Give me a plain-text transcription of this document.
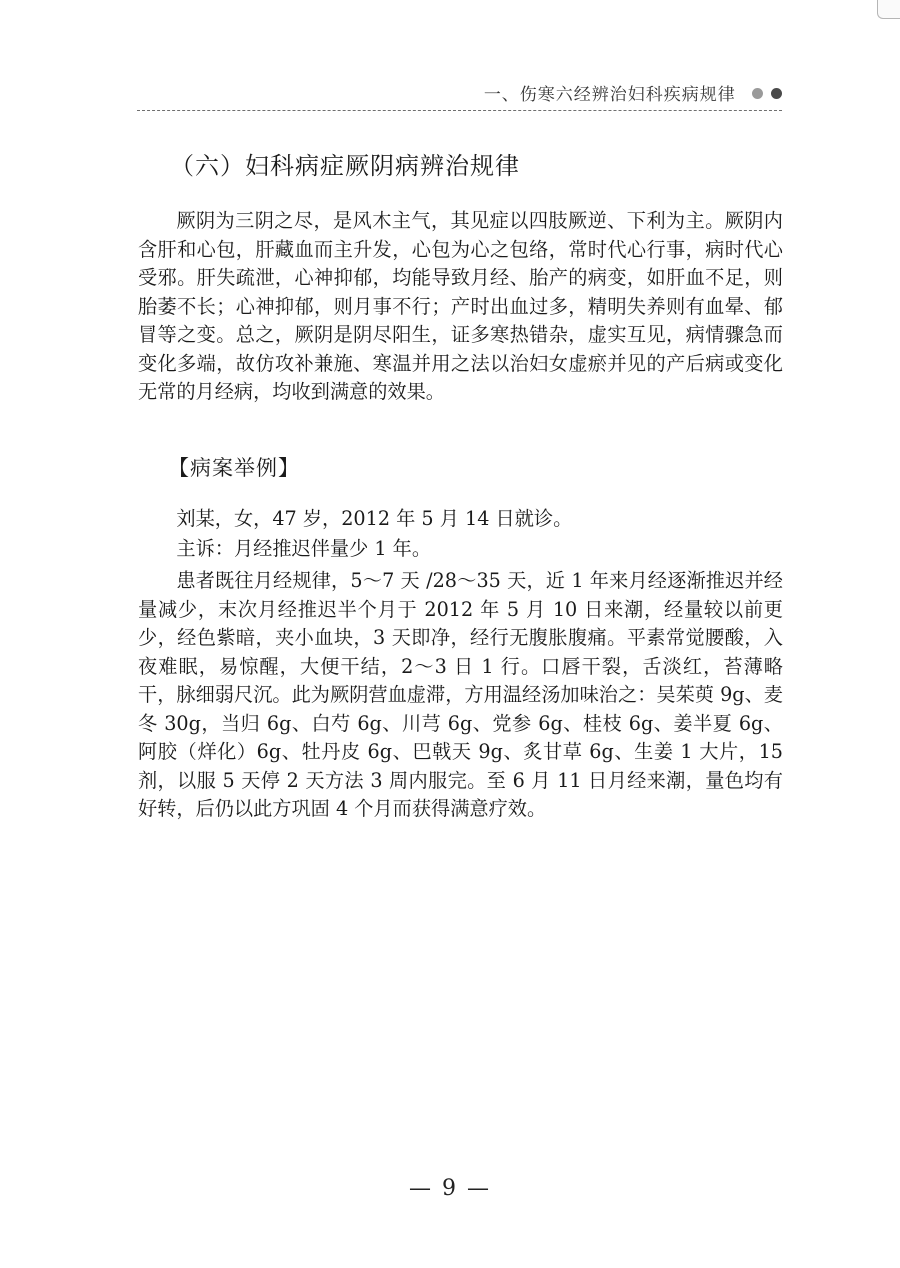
一、伤寒六经辨治妇科疾病规律
（六）妇科病症厥阴病辨治规律

厥阴为三阴之尽，是风木主气，其见症以四肢厥逆、下利为主。厥阴内含肝和心包，肝藏血而主升发，心包为心之包络，常时代心行事，病时代心受邪。肝失疏泄，心神抑郁，均能导致月经、胎产的病变，如肝血不足，则胎萎不长；心神抑郁，则月事不行；产时出血过多，精明失养则有血晕、郁冒等之变。总之，厥阴是阴尽阳生，证多寒热错杂，虚实互见，病情骤急而变化多端，故仿攻补兼施、寒温并用之法以治妇女虚瘀并见的产后病或变化无常的月经病，均收到满意的效果。

【病案举例】

刘某，女，47 岁，2012 年 5 月 14 日就诊。

主诉：月经推迟伴量少 1 年。

患者既往月经规律，5～7 天 /28～35 天，近 1 年来月经逐渐推迟并经量减少，末次月经推迟半个月于 2012 年 5 月 10 日来潮，经量较以前更少，经色紫暗，夹小血块，3 天即净，经行无腹胀腹痛。平素常觉腰酸，入夜难眠，易惊醒，大便干结，2～3 日 1 行。口唇干裂，舌淡红，苔薄略干，脉细弱尺沉。此为厥阴营血虚滞，方用温经汤加味治之：吴茱萸 9g、麦冬 30g，当归 6g、白芍 6g、川芎 6g、党参 6g、桂枝 6g、姜半夏 6g、阿胶（烊化）6g、牡丹皮 6g、巴戟天 9g、炙甘草 6g、生姜 1 大片，15 剂，以服 5 天停 2 天方法 3 周内服完。至 6 月 11 日月经来潮，量色均有好转，后仍以此方巩固 4 个月而获得满意疗效。

— 9 —
